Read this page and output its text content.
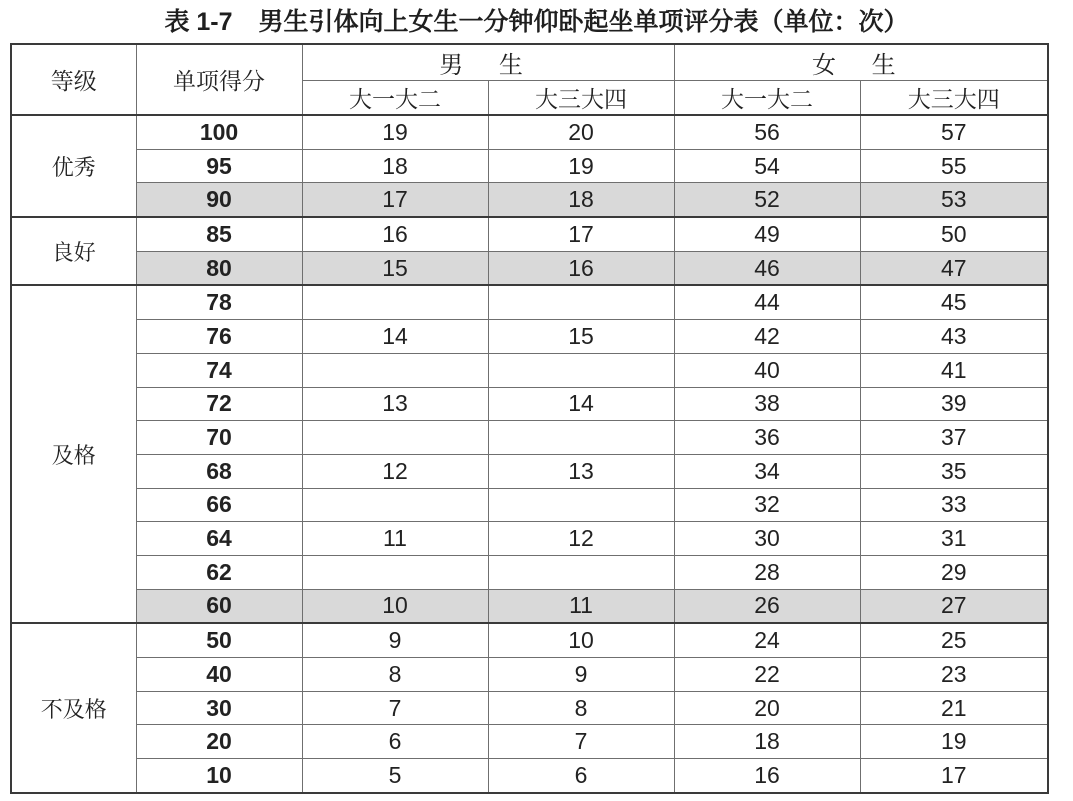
表 1-7 男生引体向上女生一分钟仰卧起坐单项评分表（单位：次）
等级	单项得分	男 生		女 生	
		大一大二	大三大四	大一大二	大三大四
优秀	100	19	20	56	57
	95	18	19	54	55
	90	17	18	52	53
良好	85	16	17	49	50
	80	15	16	46	47
及格	78			44	45
	76	14	15	42	43
	74			40	41
	72	13	14	38	39
	70			36	37
	68	12	13	34	35
	66			32	33
	64	11	12	30	31
	62			28	29
	60	10	11	26	27
不及格	50	9	10	24	25
	40	8	9	22	23
	30	7	8	20	21
	20	6	7	18	19
	10	5	6	16	17
